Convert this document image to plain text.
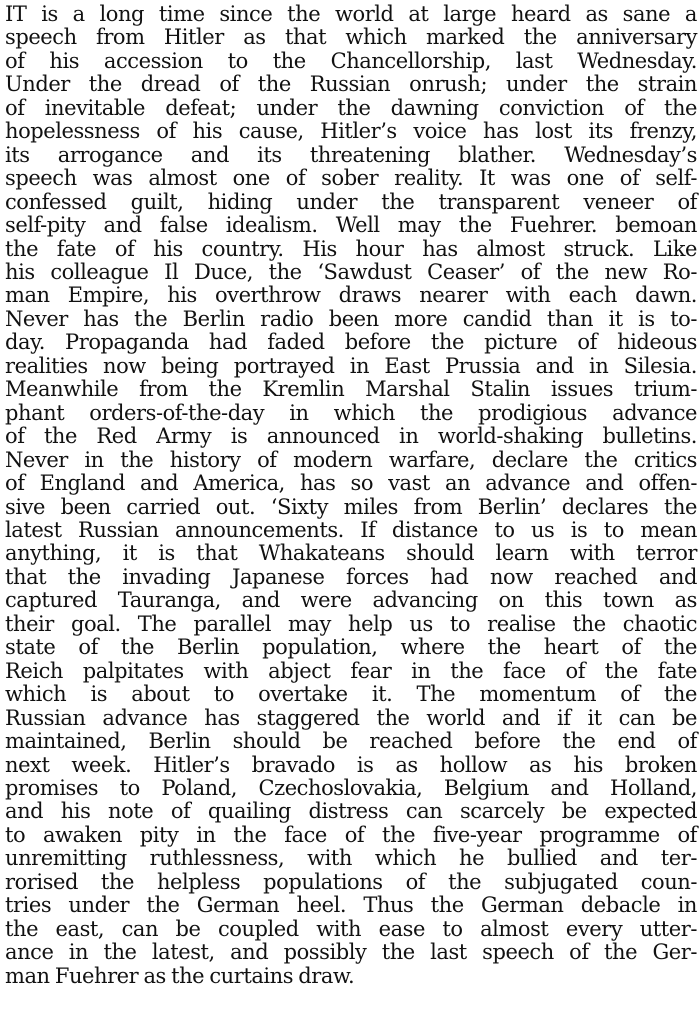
IT is a long time since the world at large heard as sane a
speech from Hitler as that which marked the anniversary
of his accession to the Chancellorship, last Wednesday.
Under the dread of the Russian onrush; under the strain
of inevitable defeat; under the dawning conviction of the
hopelessness of his cause, Hitler’s voice has lost its frenzy,
its arrogance and its threatening blather. Wednesday’s
speech was almost one of sober reality. It was one of self-
confessed guilt, hiding under the transparent veneer of
self-pity and false idealism. Well may the Fuehrer. bemoan
the fate of his country. His hour has almost struck. Like
his colleague Il Duce, the ‘Sawdust Ceaser’ of the new Ro-
man Empire, his overthrow draws nearer with each dawn.
Never has the Berlin radio been more candid than it is to-
day. Propaganda had faded before the picture of hideous
realities now being portrayed in East Prussia and in Silesia.
Meanwhile from the Kremlin Marshal Stalin issues trium-
phant orders-of-the-day in which the prodigious advance
of the Red Army is announced in world-shaking bulletins.
Never in the history of modern warfare, declare the critics
of England and America, has so vast an advance and offen-
sive been carried out. ‘Sixty miles from Berlin’ declares the
latest Russian announcements. If distance to us is to mean
anything, it is that Whakateans should learn with terror
that the invading Japanese forces had now reached and
captured Tauranga, and were advancing on this town as
their goal. The parallel may help us to realise the chaotic
state of the Berlin population, where the heart of the
Reich palpitates with abject fear in the face of the fate
which is about to overtake it. The momentum of the
Russian advance has staggered the world and if it can be
maintained, Berlin should be reached before the end of
next week. Hitler’s bravado is as hollow as his broken
promises to Poland, Czechoslovakia, Belgium and Holland,
and his note of quailing distress can scarcely be expected
to awaken pity in the face of the five-year programme of
unremitting ruthlessness, with which he bullied and ter-
rorised the helpless populations of the subjugated coun-
tries under the German heel. Thus the German debacle in
the east, can be coupled with ease to almost every utter-
ance in the latest, and possibly the last speech of the Ger-
man Fuehrer as the curtains draw.
